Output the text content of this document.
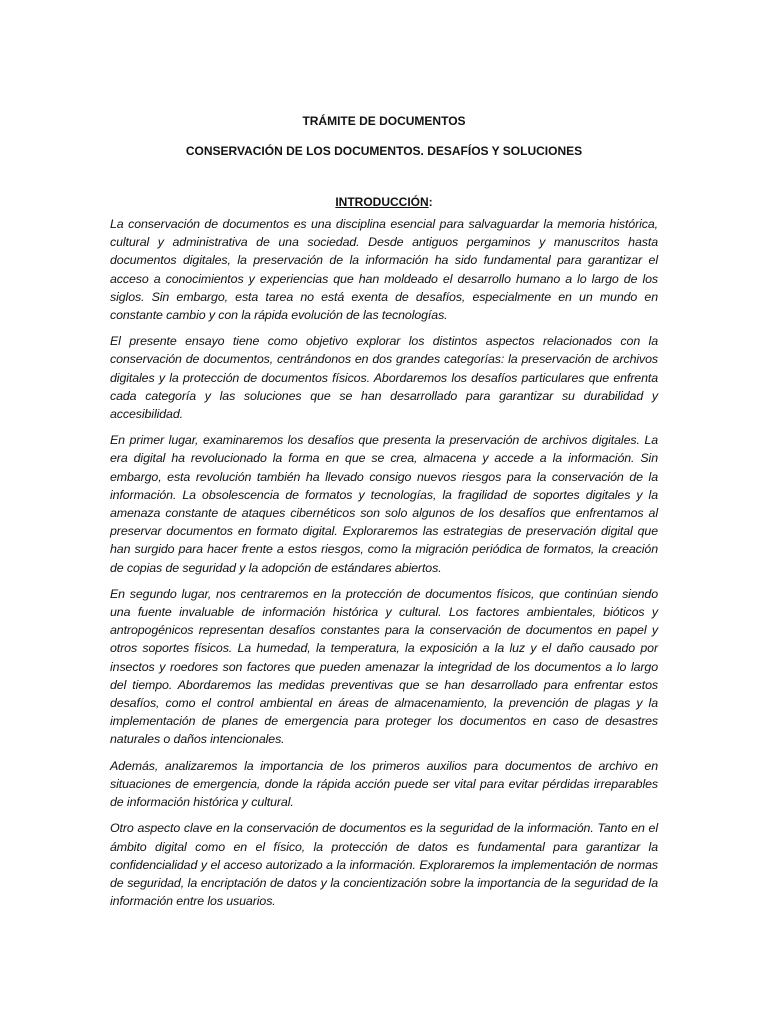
TRÁMITE DE DOCUMENTOS
CONSERVACIÓN DE LOS DOCUMENTOS. DESAFÍOS Y SOLUCIONES
INTRODUCCIÓN:

La conservación de documentos es una disciplina esencial para salvaguardar la memoria histórica, cultural y administrativa de una sociedad. Desde antiguos pergaminos y manuscritos hasta documentos digitales, la preservación de la información ha sido fundamental para garantizar el acceso a conocimientos y experiencias que han moldeado el desarrollo humano a lo largo de los siglos. Sin embargo, esta tarea no está exenta de desafíos, especialmente en un mundo en constante cambio y con la rápida evolución de las tecnologías.

El presente ensayo tiene como objetivo explorar los distintos aspectos relacionados con la conservación de documentos, centrándonos en dos grandes categorías: la preservación de archivos digitales y la protección de documentos físicos. Abordaremos los desafíos particulares que enfrenta cada categoría y las soluciones que se han desarrollado para garantizar su durabilidad y accesibilidad.

En primer lugar, examinaremos los desafíos que presenta la preservación de archivos digitales. La era digital ha revolucionado la forma en que se crea, almacena y accede a la información. Sin embargo, esta revolución también ha llevado consigo nuevos riesgos para la conservación de la información. La obsolescencia de formatos y tecnologías, la fragilidad de soportes digitales y la amenaza constante de ataques cibernéticos son solo algunos de los desafíos que enfrentamos al preservar documentos en formato digital. Exploraremos las estrategias de preservación digital que han surgido para hacer frente a estos riesgos, como la migración periódica de formatos, la creación de copias de seguridad y la adopción de estándares abiertos.

En segundo lugar, nos centraremos en la protección de documentos físicos, que continúan siendo una fuente invaluable de información histórica y cultural. Los factores ambientales, bióticos y antropogénicos representan desafíos constantes para la conservación de documentos en papel y otros soportes físicos. La humedad, la temperatura, la exposición a la luz y el daño causado por insectos y roedores son factores que pueden amenazar la integridad de los documentos a lo largo del tiempo. Abordaremos las medidas preventivas que se han desarrollado para enfrentar estos desafíos, como el control ambiental en áreas de almacenamiento, la prevención de plagas y la implementación de planes de emergencia para proteger los documentos en caso de desastres naturales o daños intencionales.

Además, analizaremos la importancia de los primeros auxilios para documentos de archivo en situaciones de emergencia, donde la rápida acción puede ser vital para evitar pérdidas irreparables de información histórica y cultural.

Otro aspecto clave en la conservación de documentos es la seguridad de la información. Tanto en el ámbito digital como en el físico, la protección de datos es fundamental para garantizar la confidencialidad y el acceso autorizado a la información. Exploraremos la implementación de normas de seguridad, la encriptación de datos y la concientización sobre la importancia de la seguridad de la información entre los usuarios.
